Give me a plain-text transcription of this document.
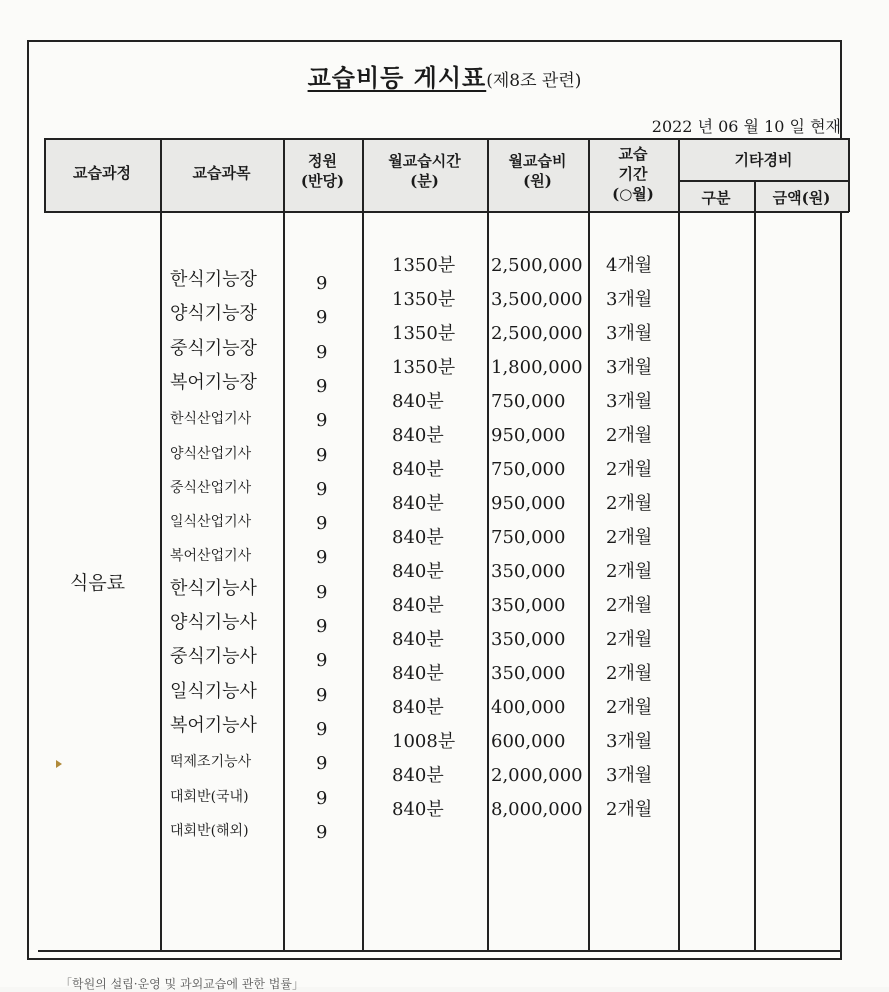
교습비등 게시표(제8조 관련)
2022 년 06 월 10 일 현재
교습과정	교습과목
정원
(반당)
월교습시간
(분)
월교습비
(원)
교습
기간
(○월)
기타경비
구분	금액(원)
식음료
한식기능장
양식기능장
중식기능장
복어기능장
한식산업기사
양식산업기사
중식산업기사
일식산업기사
복어산업기사
한식기능사
양식기능사
중식기능사
일식기능사
복어기능사
떡제조기능사
대회반(국내)
대회반(해외)
9
9
9
9
9
9
9
9
9
9
9
9
9
9
9
9
9
1350분
1350분
1350분
1350분
840분
840분
840분
840분
840분
840분
840분
840분
840분
840분
1008분
840분
840분
2,500,000
3,500,000
2,500,000
1,800,000
750,000
950,000
750,000
950,000
750,000
350,000
350,000
350,000
350,000
400,000
600,000
2,000,000
8,000,000
4개월
3개월
3개월
3개월
3개월
2개월
2개월
2개월
2개월
2개월
2개월
2개월
2개월
2개월
3개월
3개월
2개월
「학원의 설립·운영 및 과외교습에 관한 법률」
